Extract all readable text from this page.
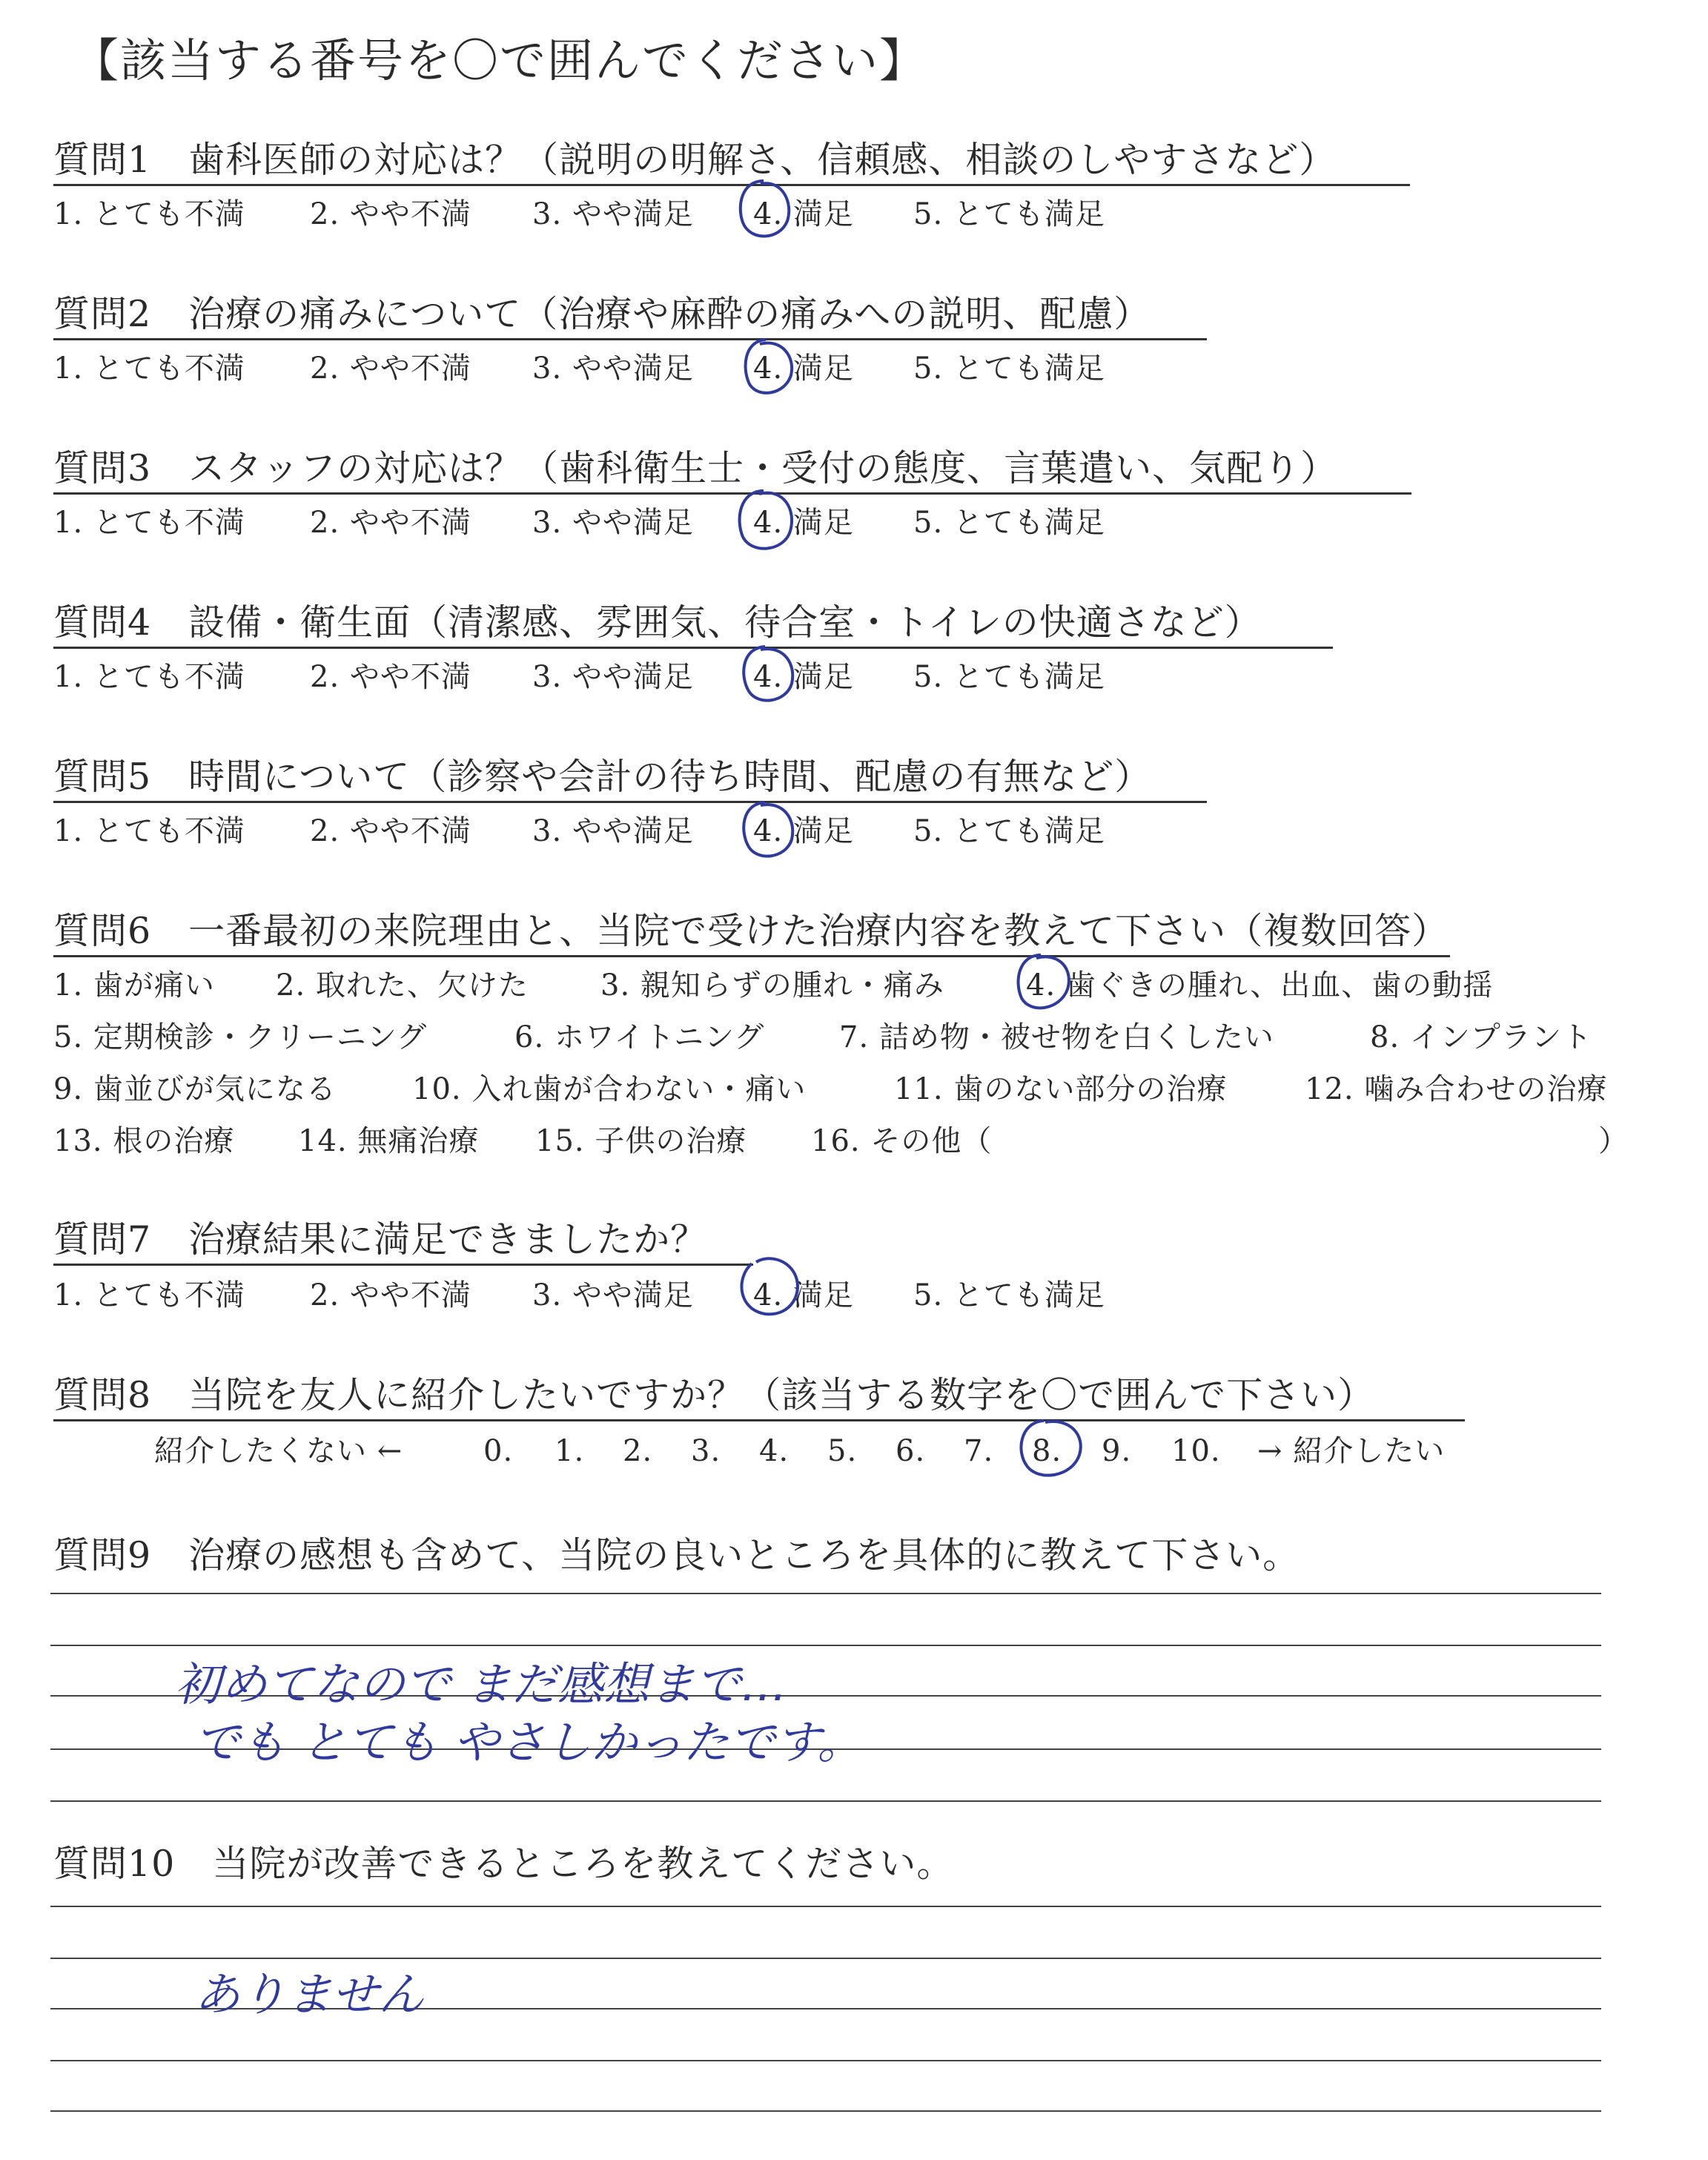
【該当する番号を〇で囲んでください】
質問1　歯科医師の対応は？（説明の明解さ、信頼感、相談のしやすさなど）
1. とても不満 2. やや不満 3. やや満足 4. 満足 5. とても満足
質問2　治療の痛みについて（治療や麻酔の痛みへの説明、配慮）
1. とても不満 2. やや不満 3. やや満足 4. 満足 5. とても満足
質問3　スタッフの対応は？（歯科衛生士・受付の態度、言葉遣い、気配り）
1. とても不満 2. やや不満 3. やや満足 4. 満足 5. とても満足
質問4　設備・衛生面（清潔感、雰囲気、待合室・トイレの快適さなど）
1. とても不満 2. やや不満 3. やや満足 4. 満足 5. とても満足
質問5　時間について（診察や会計の待ち時間、配慮の有無など）
1. とても不満 2. やや不満 3. やや満足 4. 満足 5. とても満足
質問6　一番最初の来院理由と、当院で受けた治療内容を教えて下さい（複数回答）
1. 歯が痛い 2. 取れた、欠けた 3. 親知らずの腫れ・痛み	4. 歯ぐきの腫れ、出血、歯の動揺
5. 定期検診・クリーニング	6. ホワイトニング	7. 詰め物・被せ物を白くしたい	8. インプラント
9. 歯並びが気になる	10. 入れ歯が合わない・痛い	11. 歯のない部分の治療	12. 噛み合わせの治療
13. 根の治療 14. 無痛治療 15. 子供の治療 16. その他（	）
質問7　治療結果に満足できましたか？
1. とても不満 2. やや不満 3. やや満足 4. 満足 5. とても満足
質問8　当院を友人に紹介したいですか？（該当する数字を〇で囲んで下さい）
紹介したくない ←	0. 1. 2. 3. 4. 5. 6. 7. 8. 9. 10. → 紹介したい
質問9　治療の感想も含めて、当院の良いところを具体的に教えて下さい。
初めてなので まだ感想まで…
でも とても やさしかったです。
質問10　当院が改善できるところを教えてください。
ありません
